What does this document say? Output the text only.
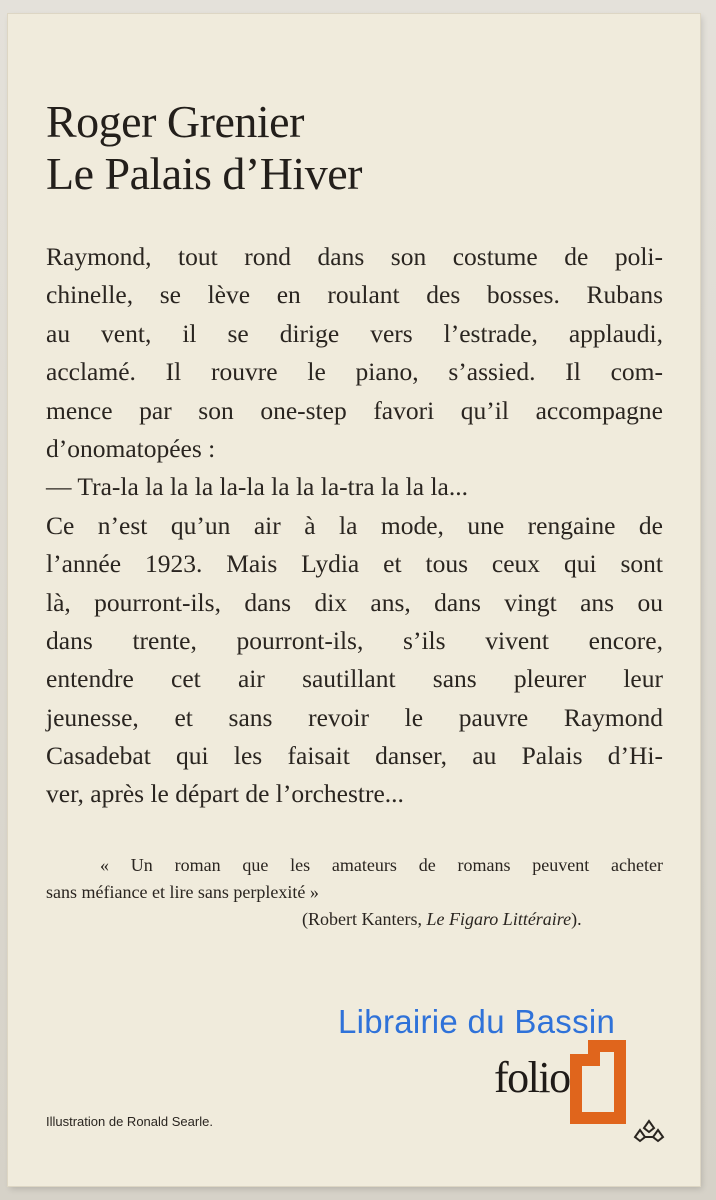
Roger Grenier
Le Palais d’Hiver
Raymond, tout rond dans son costume de poli-
chinelle, se lève en roulant des bosses. Rubans
au vent, il se dirige vers l’estrade, applaudi,
acclamé. Il rouvre le piano, s’assied. Il com-
mence par son one-step favori qu’il accompagne
d’onomatopées :
— Tra-la la la la la-la la la la-tra la la la...
Ce n’est qu’un air à la mode, une rengaine de
l’année 1923. Mais Lydia et tous ceux qui sont
là, pourront-ils, dans dix ans, dans vingt ans ou
dans trente, pourront-ils, s’ils vivent encore,
entendre cet air sautillant sans pleurer leur
jeunesse, et sans revoir le pauvre Raymond
Casadebat qui les faisait danser, au Palais d’Hi-
ver, après le départ de l’orchestre...
« Un roman que les amateurs de romans peuvent acheter
sans méfiance et lire sans perplexité »
(Robert Kanters, Le Figaro Littéraire).
Librairie du Bassin
folio
Illustration de Ronald Searle.
